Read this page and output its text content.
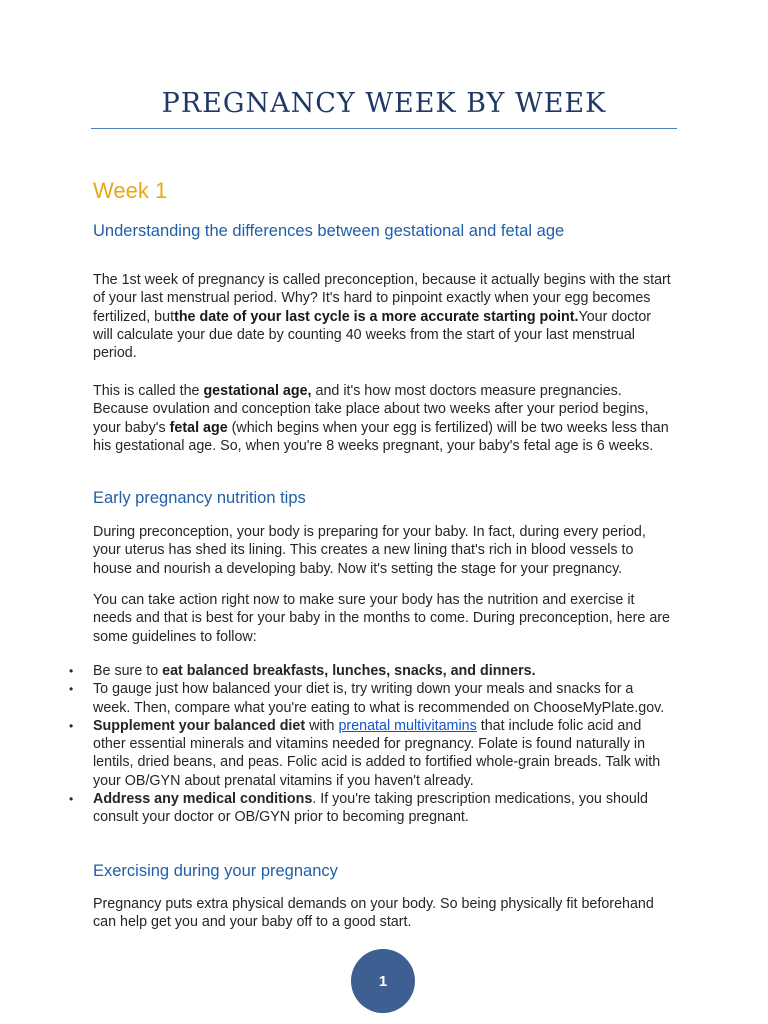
PREGNANCY WEEK BY WEEK
Week 1
Understanding the differences between gestational and fetal age

The 1st week of pregnancy is called preconception, because it actually begins with the start of your last menstrual period. Why? It's hard to pinpoint exactly when your egg becomes fertilized, butthe date of your last cycle is a more accurate starting point.Your doctor will calculate your due date by counting 40 weeks from the start of your last menstrual period.

This is called the gestational age, and it's how most doctors measure pregnancies. Because ovulation and conception take place about two weeks after your period begins, your baby's fetal age (which begins when your egg is fertilized) will be two weeks less than his gestational age. So, when you're 8 weeks pregnant, your baby's fetal age is 6 weeks.

Early pregnancy nutrition tips

During preconception, your body is preparing for your baby. In fact, during every period, your uterus has shed its lining. This creates a new lining that's rich in blood vessels to house and nourish a developing baby. Now it's setting the stage for your pregnancy.

You can take action right now to make sure your body has the nutrition and exercise it needs and that is best for your baby in the months to come. During preconception, here are some guidelines to follow:

• Be sure to eat balanced breakfasts, lunches, snacks, and dinners.
• To gauge just how balanced your diet is, try writing down your meals and snacks for a week. Then, compare what you're eating to what is recommended on ChooseMyPlate.gov.
• Supplement your balanced diet with prenatal multivitamins that include folic acid and other essential minerals and vitamins needed for pregnancy. Folate is found naturally in lentils, dried beans, and peas. Folic acid is added to fortified whole-grain breads. Talk with your OB/GYN about prenatal vitamins if you haven't already.
• Address any medical conditions. If you're taking prescription medications, you should consult your doctor or OB/GYN prior to becoming pregnant.
Exercising during your pregnancy

Pregnancy puts extra physical demands on your body. So being physically fit beforehand can help get you and your baby off to a good start.

1
